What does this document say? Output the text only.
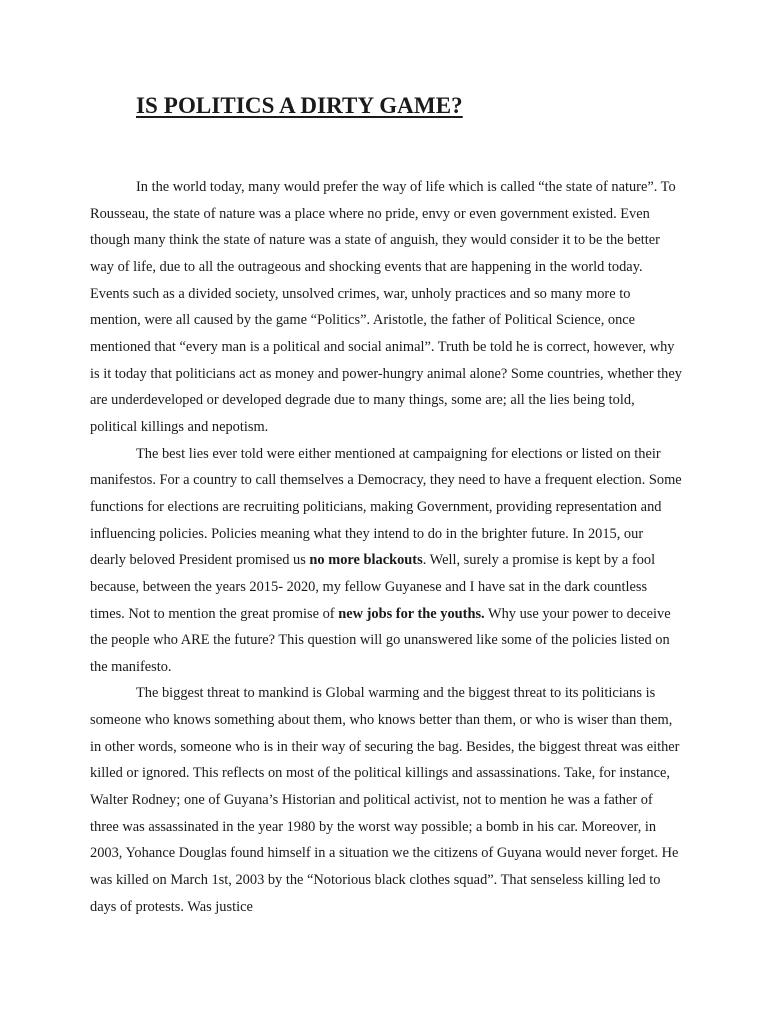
IS POLITICS A DIRTY GAME?

In the world today, many would prefer the way of life which is called “the state of nature”. To Rousseau, the state of nature was a place where no pride, envy or even government existed. Even though many think the state of nature was a state of anguish, they would consider it to be the better way of life, due to all the outrageous and shocking events that are happening in the world today. Events such as a divided society, unsolved crimes, war, unholy practices and so many more to mention, were all caused by the game “Politics”. Aristotle, the father of Political Science, once mentioned that “every man is a political and social animal”. Truth be told he is correct, however, why is it today that politicians act as money and power-hungry animal alone? Some countries, whether they are underdeveloped or developed degrade due to many things, some are; all the lies being told, political killings and nepotism.

The best lies ever told were either mentioned at campaigning for elections or listed on their manifestos. For a country to call themselves a Democracy, they need to have a frequent election. Some functions for elections are recruiting politicians, making Government, providing representation and influencing policies. Policies meaning what they intend to do in the brighter future. In 2015, our dearly beloved President promised us no more blackouts. Well, surely a promise is kept by a fool because, between the years 2015- 2020, my fellow Guyanese and I have sat in the dark countless times. Not to mention the great promise of new jobs for the youths. Why use your power to deceive the people who ARE the future? This question will go unanswered like some of the policies listed on the manifesto.

The biggest threat to mankind is Global warming and the biggest threat to its politicians is someone who knows something about them, who knows better than them, or who is wiser than them, in other words, someone who is in their way of securing the bag. Besides, the biggest threat was either killed or ignored. This reflects on most of the political killings and assassinations. Take, for instance, Walter Rodney; one of Guyana’s Historian and political activist, not to mention he was a father of three was assassinated in the year 1980 by the worst way possible; a bomb in his car. Moreover, in 2003, Yohance Douglas found himself in a situation we the citizens of Guyana would never forget. He was killed on March 1st, 2003 by the “Notorious black clothes squad”. That senseless killing led to days of protests. Was justice
